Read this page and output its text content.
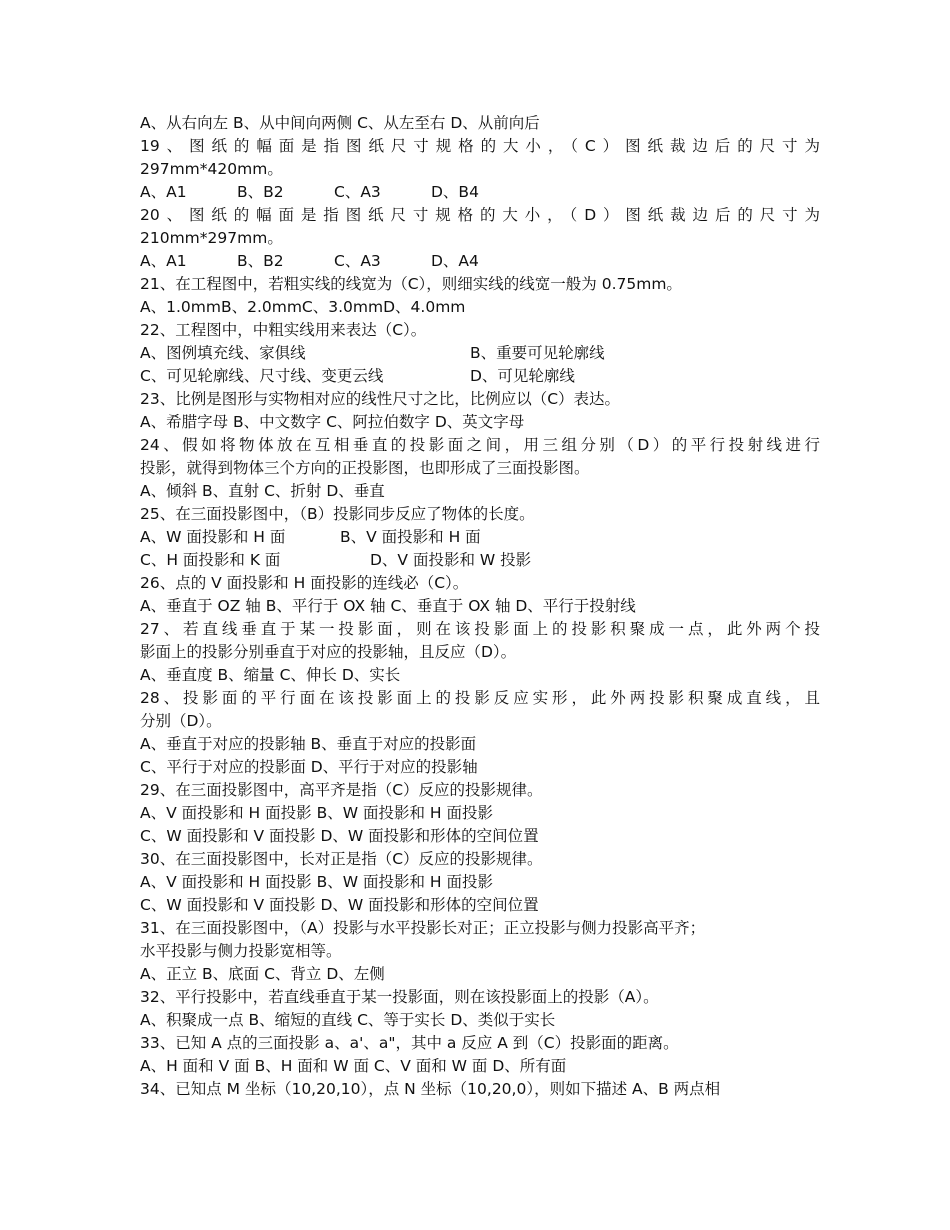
A、从右向左 B、从中间向两侧 C、从左至右 D、从前向后
19、图纸的幅面是指图纸尺寸规格的大小，（C）图纸裁边后的尺寸为
297mm*420mm。
A、A1	B、B2	C、A3	D、B4
20、图纸的幅面是指图纸尺寸规格的大小，（D）图纸裁边后的尺寸为
210mm*297mm。
A、A1	B、B2	C、A3	D、A4
21、在工程图中，若粗实线的线宽为（C），则细实线的线宽一般为 0.75mm。
A、1.0mmB、2.0mmC、3.0mmD、4.0mm
22、工程图中，中粗实线用来表达（C）。
A、图例填充线、家俱线	B、重要可见轮廓线
C、可见轮廓线、尺寸线、变更云线	D、可见轮廓线
23、比例是图形与实物相对应的线性尺寸之比，比例应以（C）表达。
A、希腊字母 B、中文数字 C、阿拉伯数字 D、英文字母
24、假如将物体放在互相垂直的投影面之间，用三组分别（D）的平行投射线进行
投影，就得到物体三个方向的正投影图，也即形成了三面投影图。
A、倾斜 B、直射 C、折射 D、垂直
25、在三面投影图中，（B）投影同步反应了物体的长度。
A、W 面投影和 H 面	B、V 面投影和 H 面
C、H 面投影和 K 面	D、V 面投影和 W 投影
26、点的 V 面投影和 H 面投影的连线必（C）。
A、垂直于 OZ 轴 B、平行于 OX 轴 C、垂直于 OX 轴 D、平行于投射线
27、若直线垂直于某一投影面，则在该投影面上的投影积聚成一点，此外两个投
影面上的投影分别垂直于对应的投影轴，且反应（D）。
A、垂直度 B、缩量 C、伸长 D、实长
28、投影面的平行面在该投影面上的投影反应实形，此外两投影积聚成直线，且
分别（D）。
A、垂直于对应的投影轴 B、垂直于对应的投影面
C、平行于对应的投影面 D、平行于对应的投影轴
29、在三面投影图中，高平齐是指（C）反应的投影规律。
A、V 面投影和 H 面投影 B、W 面投影和 H 面投影
C、W 面投影和 V 面投影 D、W 面投影和形体的空间位置
30、在三面投影图中，长对正是指（C）反应的投影规律。
A、V 面投影和 H 面投影 B、W 面投影和 H 面投影
C、W 面投影和 V 面投影 D、W 面投影和形体的空间位置
31、在三面投影图中，（A）投影与水平投影长对正；正立投影与侧力投影高平齐；
水平投影与侧力投影宽相等。
A、正立 B、底面 C、背立 D、左侧
32、平行投影中，若直线垂直于某一投影面，则在该投影面上的投影（A）。
A、积聚成一点 B、缩短的直线 C、等于实长 D、类似于实长
33、已知 A 点的三面投影 a、a'、a"，其中 a 反应 A 到（C）投影面的距离。
A、H 面和 V 面 B、H 面和 W 面 C、V 面和 W 面 D、所有面
34、已知点 M 坐标（10,20,10），点 N 坐标（10,20,0），则如下描述 A、B 两点相
